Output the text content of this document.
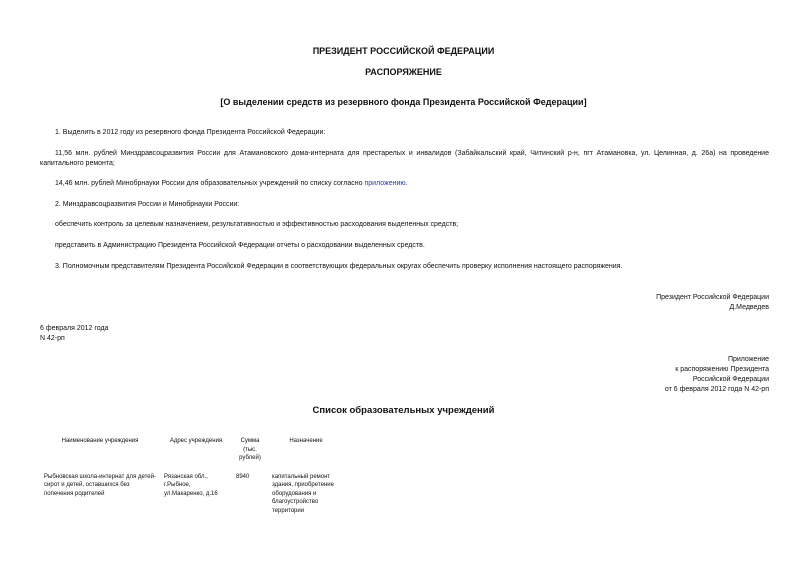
ПРЕЗИДЕНТ РОССИЙСКОЙ ФЕДЕРАЦИИ
РАСПОРЯЖЕНИЕ
[О выделении средств из резервного фонда Президента Российской Федерации]
1. Выделить в 2012 году из резервного фонда Президента Российской Федерации:
11,56 млн. рублей Минздравсоцразвития России для Атамановского дома-интерната для престарелых и инвалидов (Забайкальский край, Читинский р-н, пгт Атамановка, ул. Целинная, д. 26а) на проведение капитального ремонта;
14,46 млн. рублей Минобрнауки России для образовательных учреждений по списку согласно приложению.
2. Минздравсоцразвития России и Минобрнауки России:
обеспечить контроль за целевым назначением, результативностью и эффективностью расходования выделенных средств;
представить в Администрацию Президента Российской Федерации отчеты о расходовании выделенных средств.
3. Полномочным представителям Президента Российской Федерации в соответствующих федеральных округах обеспечить проверку исполнения настоящего распоряжения.
Президент Российской Федерации
Д.Медведев
6 февраля 2012 года
N 42-рп
Приложение
к распоряжению Президента
Российской Федерации
от 6 февраля 2012 года N 42-рп
Список образовательных учреждений
Наименование учреждения	Адрес учреждения	Сумма (тыс. рублей)	Назначение
Рыбновская школа-интернат для детей-сирот и детей, оставшихся без попечения родителей	Рязанская обл., г.Рыбное, ул.Макаренко, д.16	8940	капитальный ремонт здания, приобретение оборудования и благоустройство территории
